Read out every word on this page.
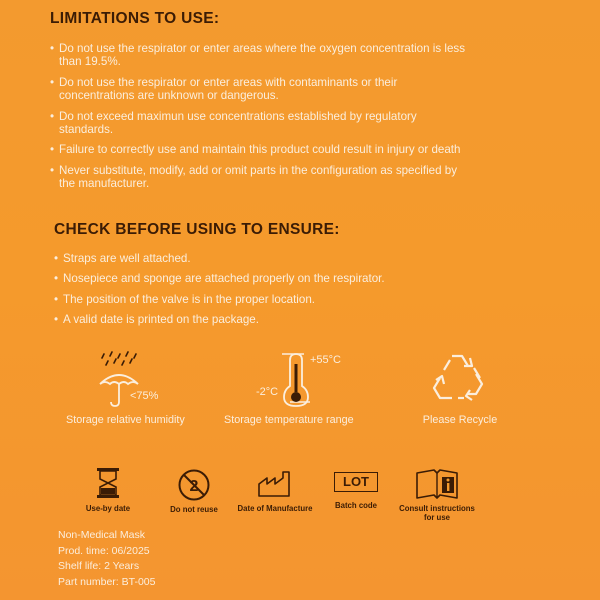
LIMITATIONS TO USE:
• Do not use the respirator or enter areas where the oxygen concentration is less
than 19.5%.
• Do not use the respirator or enter areas with contaminants or their
concentrations are unknown or dangerous.
• Do not exceed maximun use concentrations established by regulatory
standards.
• Failure to correctly use and maintain this product could result in injury or death
• Never substitute, modify, add or omit parts in the configuration as specified by
the manufacturer.
CHECK BEFORE USING TO ENSURE:
• Straps are well attached.
• Nosepiece and sponge are attached properly on the respirator.
• The position of the valve is in the proper location.
• A valid date is printed on the package.
<75%
Storage relative humidity
+55°C
-2°C
Storage temperature range	Please Recycle
Use-by date
2
Do not reuse	Date of Manufacture
LOT
Batch code	Consult instructions
for use
Non-Medical Mask
Prod. time: 06/2025
Shelf life: 2 Years
Part number: BT-005
